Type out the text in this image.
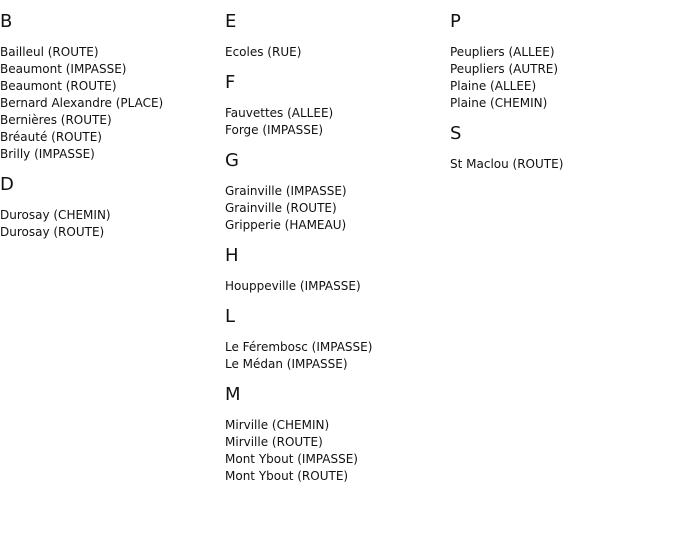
B
Bailleul (ROUTE)
Beaumont (IMPASSE)
Beaumont (ROUTE)
Bernard Alexandre (PLACE)
Bernières (ROUTE)
Bréauté (ROUTE)
Brilly (IMPASSE)
D
Durosay (CHEMIN)
Durosay (ROUTE)
E
Ecoles (RUE)
F
Fauvettes (ALLEE)
Forge (IMPASSE)
G
Grainville (IMPASSE)
Grainville (ROUTE)
Gripperie (HAMEAU)
H
Houppeville (IMPASSE)
L
Le Férembosc (IMPASSE)
Le Médan (IMPASSE)
M
Mirville (CHEMIN)
Mirville (ROUTE)
Mont Ybout (IMPASSE)
Mont Ybout (ROUTE)
P
Peupliers (ALLEE)
Peupliers (AUTRE)
Plaine (ALLEE)
Plaine (CHEMIN)
S
St Maclou (ROUTE)
